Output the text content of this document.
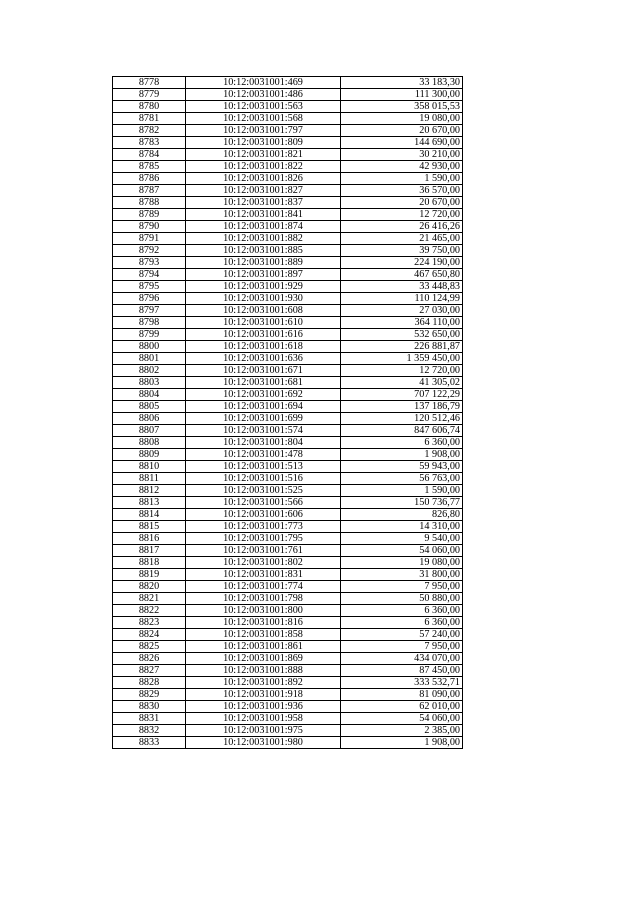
8778	10:12:0031001:469	33 183,30
8779	10:12:0031001:486	111 300,00
8780	10:12:0031001:563	358 015,53
8781	10:12:0031001:568	19 080,00
8782	10:12:0031001:797	20 670,00
8783	10:12:0031001:809	144 690,00
8784	10:12:0031001:821	30 210,00
8785	10:12:0031001:822	42 930,00
8786	10:12:0031001:826	1 590,00
8787	10:12:0031001:827	36 570,00
8788	10:12:0031001:837	20 670,00
8789	10:12:0031001:841	12 720,00
8790	10:12:0031001:874	26 416,26
8791	10:12:0031001:882	21 465,00
8792	10:12:0031001:885	39 750,00
8793	10:12:0031001:889	224 190,00
8794	10:12:0031001:897	467 650,80
8795	10:12:0031001:929	33 448,83
8796	10:12:0031001:930	110 124,99
8797	10:12:0031001:608	27 030,00
8798	10:12:0031001:610	364 110,00
8799	10:12:0031001:616	532 650,00
8800	10:12:0031001:618	226 881,87
8801	10:12:0031001:636	1 359 450,00
8802	10:12:0031001:671	12 720,00
8803	10:12:0031001:681	41 305,02
8804	10:12:0031001:692	707 122,29
8805	10:12:0031001:694	137 186,79
8806	10:12:0031001:699	120 512,46
8807	10:12:0031001:574	847 606,74
8808	10:12:0031001:804	6 360,00
8809	10:12:0031001:478	1 908,00
8810	10:12:0031001:513	59 943,00
8811	10:12:0031001:516	56 763,00
8812	10:12:0031001:525	1 590,00
8813	10:12:0031001:566	150 736,77
8814	10:12:0031001:606	826,80
8815	10:12:0031001:773	14 310,00
8816	10:12:0031001:795	9 540,00
8817	10:12:0031001:761	54 060,00
8818	10:12:0031001:802	19 080,00
8819	10:12:0031001:831	31 800,00
8820	10:12:0031001:774	7 950,00
8821	10:12:0031001:798	50 880,00
8822	10:12:0031001:800	6 360,00
8823	10:12:0031001:816	6 360,00
8824	10:12:0031001:858	57 240,00
8825	10:12:0031001:861	7 950,00
8826	10:12:0031001:869	434 070,00
8827	10:12:0031001:888	87 450,00
8828	10:12:0031001:892	333 532,71
8829	10:12:0031001:918	81 090,00
8830	10:12:0031001:936	62 010,00
8831	10:12:0031001:958	54 060,00
8832	10:12:0031001:975	2 385,00
8833	10:12:0031001:980	1 908,00
